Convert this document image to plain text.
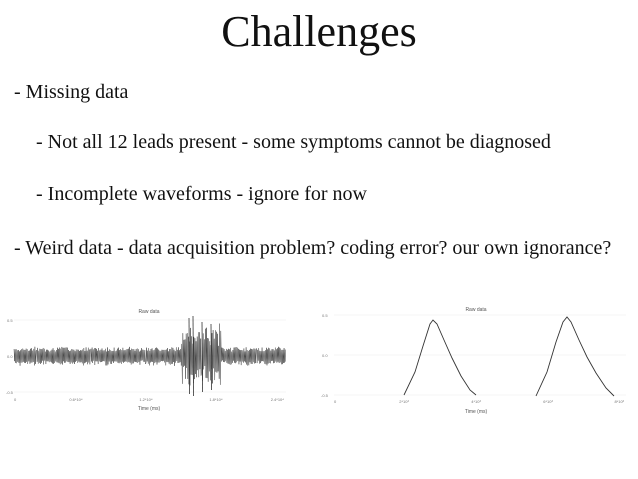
Challenges
- Missing data
- Not all 12 leads present - some symptoms cannot be diagnosed
- Incomplete waveforms - ignore for now
- Weird data - data acquisition problem? coding error? our own ignorance?
Raw data
0.5
0.0
-0.5
0	0.6*10⁴	1.2*10⁴	1.8*10⁴	2.4*10⁴
Time (ms)
Raw data
0.5
0.0
-0.5
0	2*10³	4*10³	6*10³	8*10³
Time (ms)
